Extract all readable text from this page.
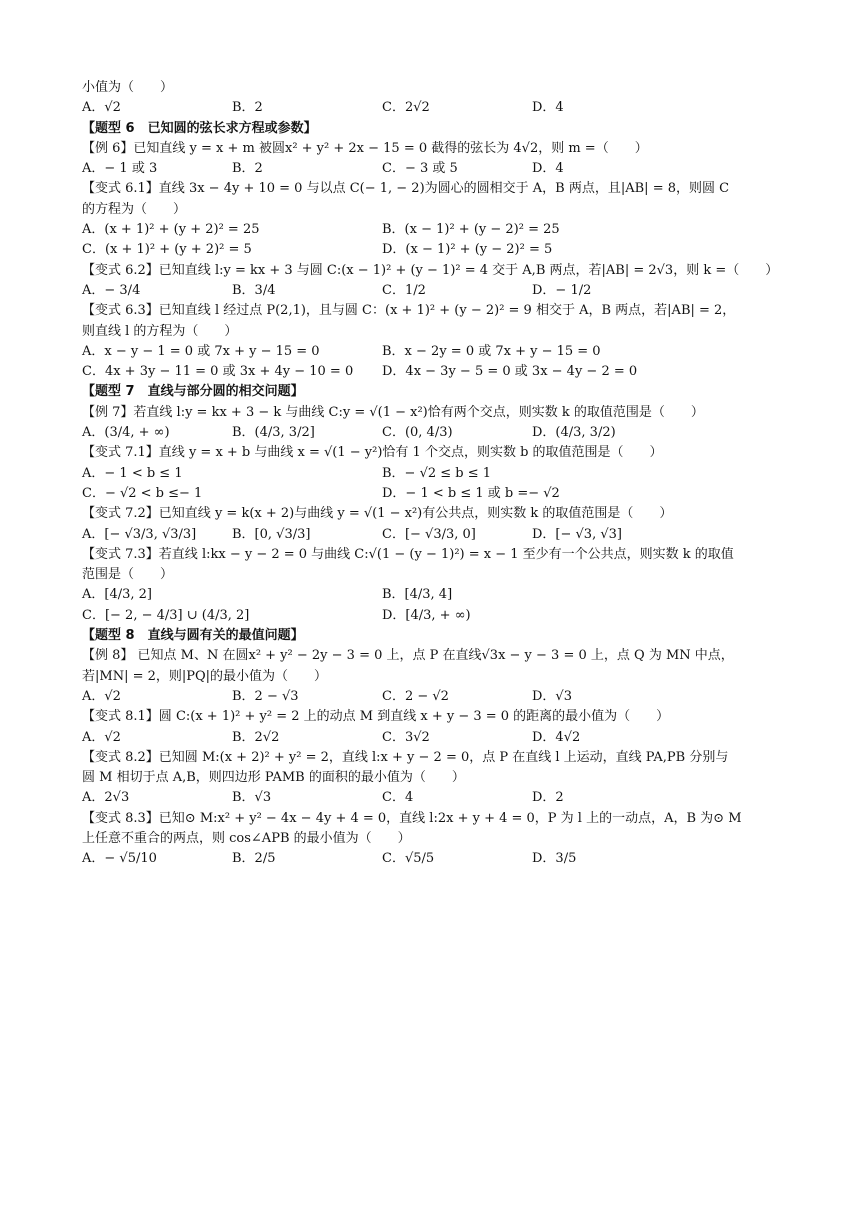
小值为（　　）
A．√2	B．2	C．2√2	D．4
【题型 6　已知圆的弦长求方程或参数】
【例 6】已知直线 y = x + m 被圆x² + y² + 2x − 15 = 0 截得的弦长为 4√2，则 m =（　　）
A．− 1 或 3	B．2	C．− 3 或 5	D．4
【变式 6.1】直线 3x − 4y + 10 = 0 与以点 C(− 1, − 2)为圆心的圆相交于 A，B 两点，且|AB| = 8，则圆 C
的方程为（　　）
A．(x + 1)² + (y + 2)² = 25	B．(x − 1)² + (y − 2)² = 25
C．(x + 1)² + (y + 2)² = 5	D．(x − 1)² + (y − 2)² = 5
【变式 6.2】已知直线 l:y = kx + 3 与圆 C:(x − 1)² + (y − 1)² = 4 交于 A,B 两点，若|AB| = 2√3，则 k =（　　）
A．− 3/4	B．3/4	C．1/2	D．− 1/2
【变式 6.3】已知直线 l 经过点 P(2,1)，且与圆 C：(x + 1)² + (y − 2)² = 9 相交于 A，B 两点，若|AB| = 2，
则直线 l 的方程为（　　）
A．x − y − 1 = 0 或 7x + y − 15 = 0	B．x − 2y = 0 或 7x + y − 15 = 0
C．4x + 3y − 11 = 0 或 3x + 4y − 10 = 0	D．4x − 3y − 5 = 0 或 3x − 4y − 2 = 0
【题型 7　直线与部分圆的相交问题】
【例 7】若直线 l:y = kx + 3 − k 与曲线 C:y = √(1 − x²)恰有两个交点，则实数 k 的取值范围是（　　）
A．(3/4, + ∞)	B．(4/3, 3/2]	C．(0, 4/3)	D．(4/3, 3/2)
【变式 7.1】直线 y = x + b 与曲线 x = √(1 − y²)恰有 1 个交点，则实数 b 的取值范围是（　　）
A．− 1 < b ≤ 1	B．− √2 ≤ b ≤ 1
C．− √2 < b ≤− 1	D．− 1 < b ≤ 1 或 b =− √2
【变式 7.2】已知直线 y = k(x + 2)与曲线 y = √(1 − x²)有公共点，则实数 k 的取值范围是（　　）
A．[− √3/3, √3/3]	B．[0, √3/3]	C．[− √3/3, 0]	D．[− √3, √3]
【变式 7.3】若直线 l:kx − y − 2 = 0 与曲线 C:√(1 − (y − 1)²) = x − 1 至少有一个公共点，则实数 k 的取值
范围是（　　）
A．[4/3, 2]	B．[4/3, 4]
C．[− 2, − 4/3] ∪ (4/3, 2]	D．[4/3, + ∞)
【题型 8　直线与圆有关的最值问题】
【例 8】 已知点 M、N 在圆x² + y² − 2y − 3 = 0 上，点 P 在直线√3x − y − 3 = 0 上，点 Q 为 MN 中点，
若|MN| = 2，则|PQ|的最小值为（　　）
A．√2	B．2 − √3	C．2 − √2	D．√3
【变式 8.1】圆 C:(x + 1)² + y² = 2 上的动点 M 到直线 x + y − 3 = 0 的距离的最小值为（　　）
A．√2	B．2√2	C．3√2	D．4√2
【变式 8.2】已知圆 M:(x + 2)² + y² = 2，直线 l:x + y − 2 = 0，点 P 在直线 l 上运动，直线 PA,PB 分别与
圆 M 相切于点 A,B，则四边形 PAMB 的面积的最小值为（　　）
A．2√3	B．√3	C．4	D．2
【变式 8.3】已知⊙ M:x² + y² − 4x − 4y + 4 = 0，直线 l:2x + y + 4 = 0，P 为 l 上的一动点，A，B 为⊙ M
上任意不重合的两点，则 cos∠APB 的最小值为（　　）
A．− √5/10	B．2/5	C．√5/5	D．3/5
